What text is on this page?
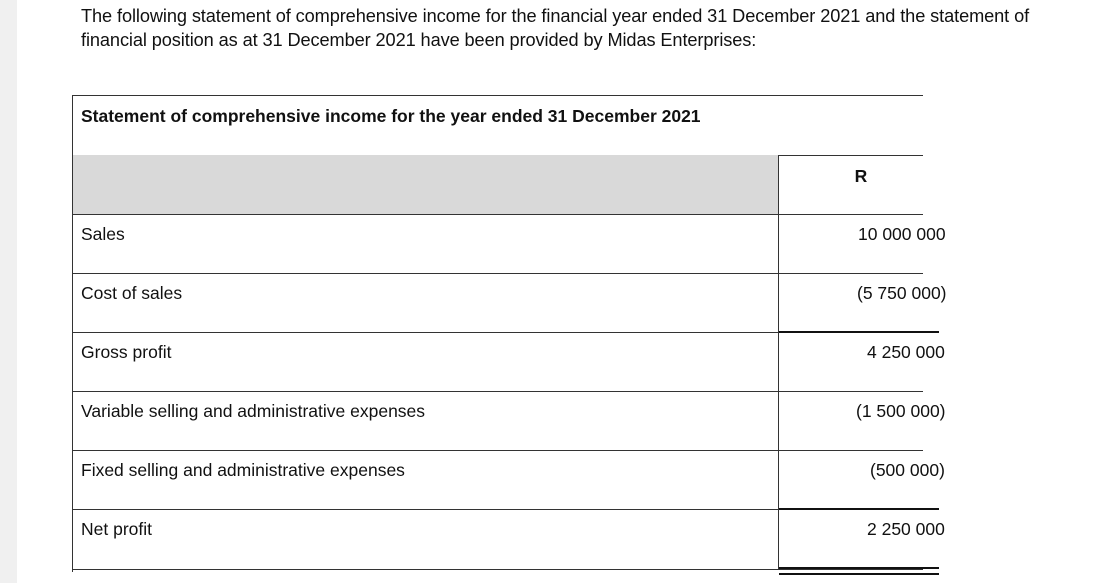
The following statement of comprehensive income for the financial year ended 31 December 2021 and the statement of
financial position as at 31 December 2021 have been provided by Midas Enterprises:
Statement of comprehensive income for the year ended 31 December 2021
R
Sales	10 000 000
Cost of sales	(5 750 000)
Gross profit	4 250 000
Variable selling and administrative expenses	(1 500 000)
Fixed selling and administrative expenses	(500 000)
Net profit	2 250 000
